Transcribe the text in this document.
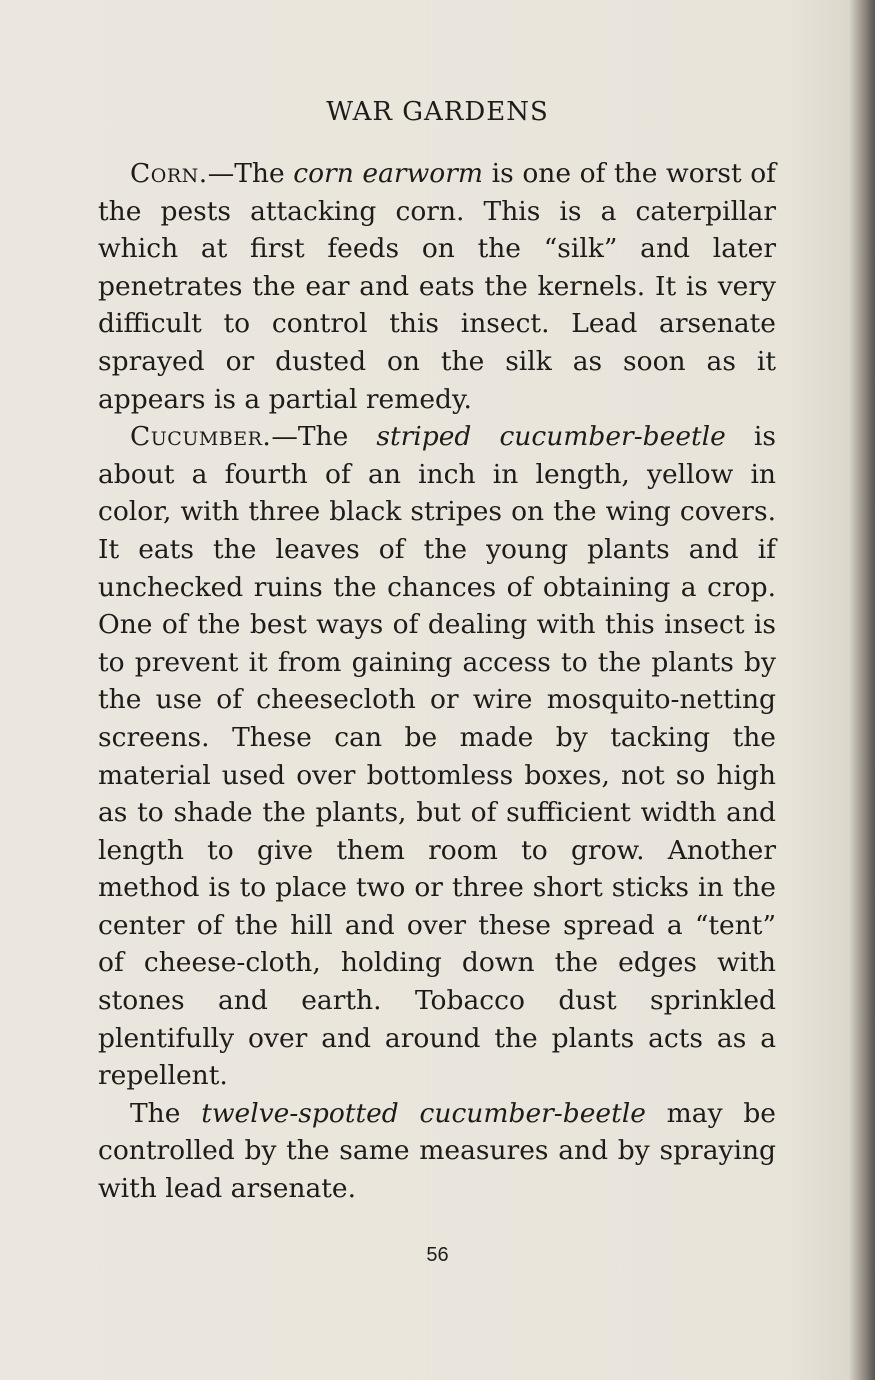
WAR GARDENS

Corn.—The corn earworm is one of the worst of the pests attacking corn. This is a caterpillar which at first feeds on the “silk” and later penetrates the ear and eats the kernels. It is very difficult to control this insect. Lead arsenate sprayed or dusted on the silk as soon as it appears is a partial remedy.

Cucumber.—The striped cucumber-beetle is about a fourth of an inch in length, yellow in color, with three black stripes on the wing covers. It eats the leaves of the young plants and if unchecked ruins the chances of obtaining a crop. One of the best ways of dealing with this insect is to prevent it from gaining access to the plants by the use of cheesecloth or wire mosquito-netting screens. These can be made by tacking the material used over bottomless boxes, not so high as to shade the plants, but of sufficient width and length to give them room to grow. Another method is to place two or three short sticks in the center of the hill and over these spread a “tent” of cheese-cloth, holding down the edges with stones and earth. Tobacco dust sprinkled plentifully over and around the plants acts as a repellent.

The twelve-spotted cucumber-beetle may be controlled by the same measures and by spraying with lead arsenate.

56
